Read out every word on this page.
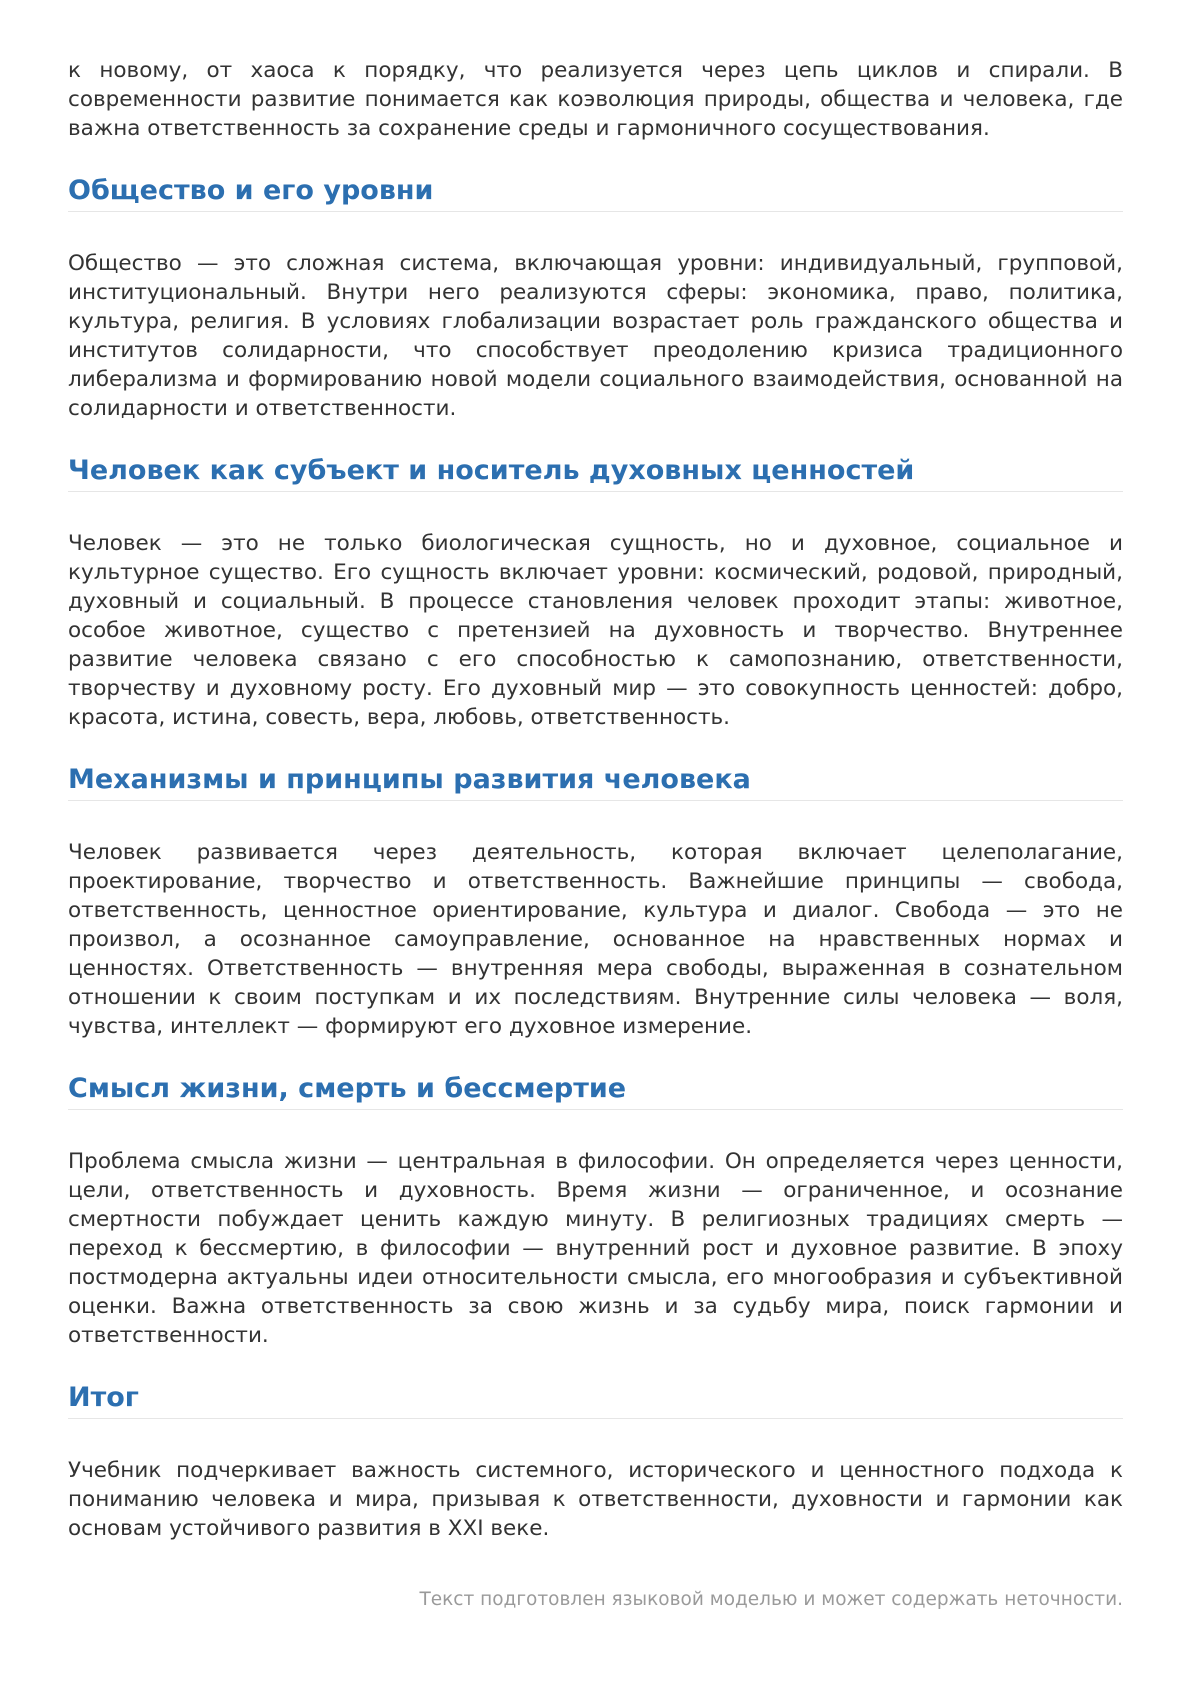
к новому, от хаоса к порядку, что реализуется через цепь циклов и спирали. В современности развитие понимается как коэволюция природы, общества и человека, где важна ответственность за сохранение среды и гармоничного сосуществования.

Общество и его уровни

Общество — это сложная система, включающая уровни: индивидуальный, групповой, институциональный. Внутри него реализуются сферы: экономика, право, политика, культура, религия. В условиях глобализации возрастает роль гражданского общества и институтов солидарности, что способствует преодолению кризиса традиционного либерализма и формированию новой модели социального взаимодействия, основанной на солидарности и ответственности.

Человек как субъект и носитель духовных ценностей

Человек — это не только биологическая сущность, но и духовное, социальное и культурное существо. Его сущность включает уровни: космический, родовой, природный, духовный и социальный. В процессе становления человек проходит этапы: животное, особое животное, существо с претензией на духовность и творчество. Внутреннее развитие человека связано с его способностью к самопознанию, ответственности, творчеству и духовному росту. Его духовный мир — это совокупность ценностей: добро, красота, истина, совесть, вера, любовь, ответственность.

Механизмы и принципы развития человека

Человек развивается через деятельность, которая включает целеполагание, проектирование, творчество и ответственность. Важнейшие принципы — свобода, ответственность, ценностное ориентирование, культура и диалог. Свобода — это не произвол, а осознанное самоуправление, основанное на нравственных нормах и ценностях. Ответственность — внутренняя мера свободы, выраженная в сознательном отношении к своим поступкам и их последствиям. Внутренние силы человека — воля, чувства, интеллект — формируют его духовное измерение.

Смысл жизни, смерть и бессмертие

Проблема смысла жизни — центральная в философии. Он определяется через ценности, цели, ответственность и духовность. Время жизни — ограниченное, и осознание смертности побуждает ценить каждую минуту. В религиозных традициях смерть — переход к бессмертию, в философии — внутренний рост и духовное развитие. В эпоху постмодерна актуальны идеи относительности смысла, его многообразия и субъективной оценки. Важна ответственность за свою жизнь и за судьбу мира, поиск гармонии и ответственности.

Итог

Учебник подчеркивает важность системного, исторического и ценностного подхода к пониманию человека и мира, призывая к ответственности, духовности и гармонии как основам устойчивого развития в XXI веке.

Текст подготовлен языковой моделью и может содержать неточности.
